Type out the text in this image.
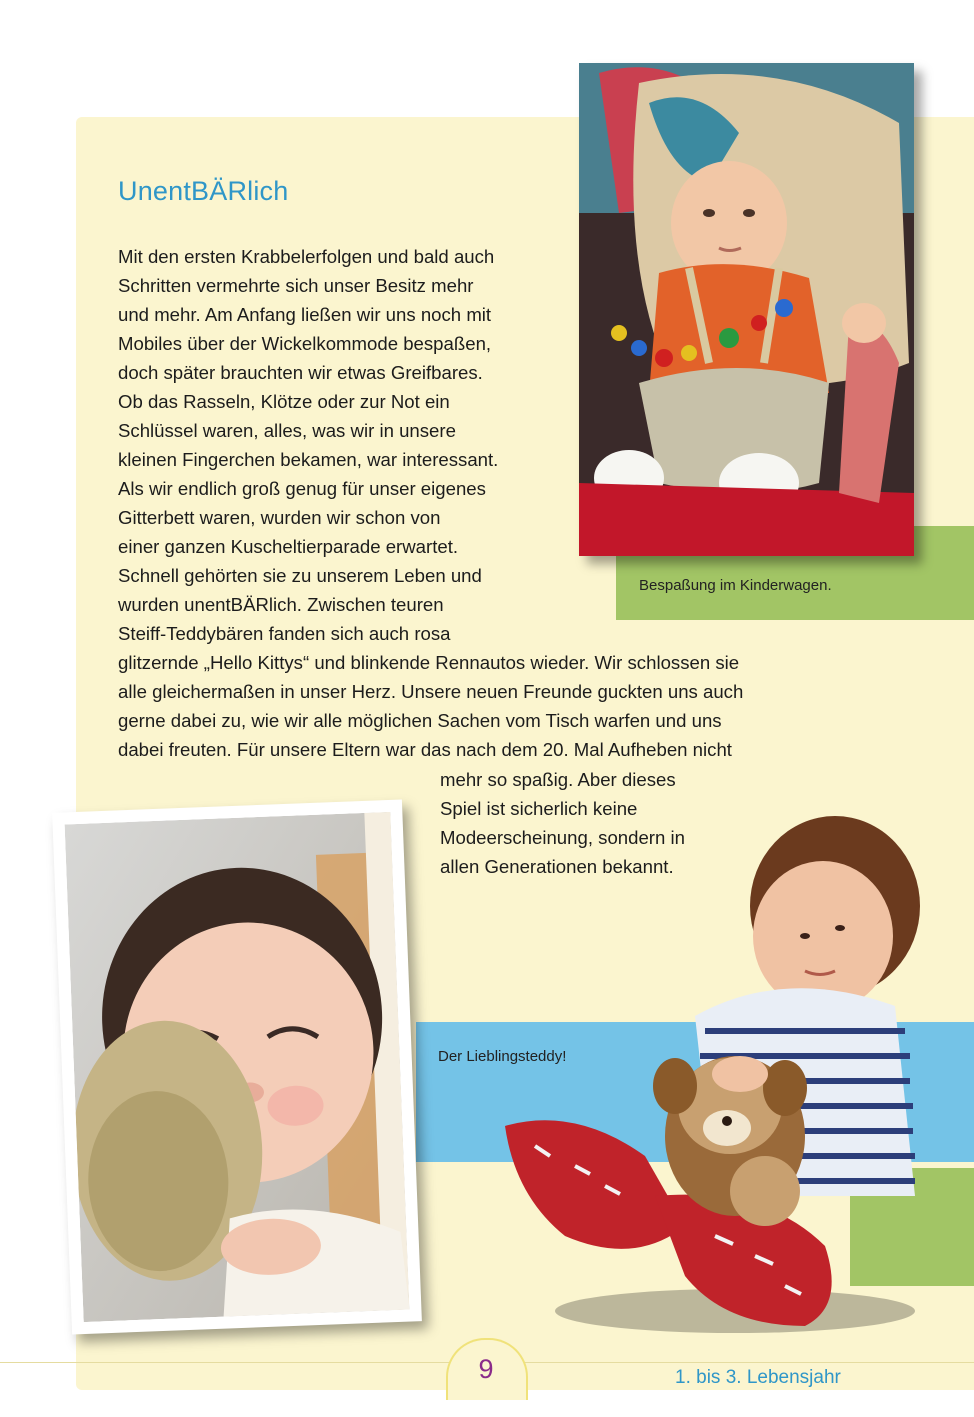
Bespaßung im Kinderwagen.
UnentBÄRlich
Mit den ersten Krabbelerfolgen und bald auch
Schritten vermehrte sich unser Besitz mehr
und mehr. Am Anfang ließen wir uns noch mit
Mobiles über der Wickelkommode bespaßen,
doch später brauchten wir etwas Greifbares.
Ob das Rasseln, Klötze oder zur Not ein
Schlüssel waren, alles, was wir in unsere
kleinen Fingerchen bekamen, war interessant.
Als wir endlich groß genug für unser eigenes
Gitterbett waren, wurden wir schon von
einer ganzen Kuscheltierparade erwartet.
Schnell gehörten sie zu unserem Leben und
wurden unentBÄRlich. Zwischen teuren
Steiff-Teddybären fanden sich auch rosa
glitzernde „Hello Kittys“ und blinkende Rennautos wieder. Wir schlossen sie
alle gleichermaßen in unser Herz. Unsere neuen Freunde guckten uns auch
gerne dabei zu, wie wir alle möglichen Sachen vom Tisch warfen und uns
dabei freuten. Für unsere Eltern war das nach dem 20. Mal Aufheben nicht
mehr so spaßig. Aber dieses
Spiel ist sicherlich keine
Modeerscheinung, sondern in
allen Generationen bekannt.
Der Lieblingsteddy!
9	1. bis 3. Lebensjahr
